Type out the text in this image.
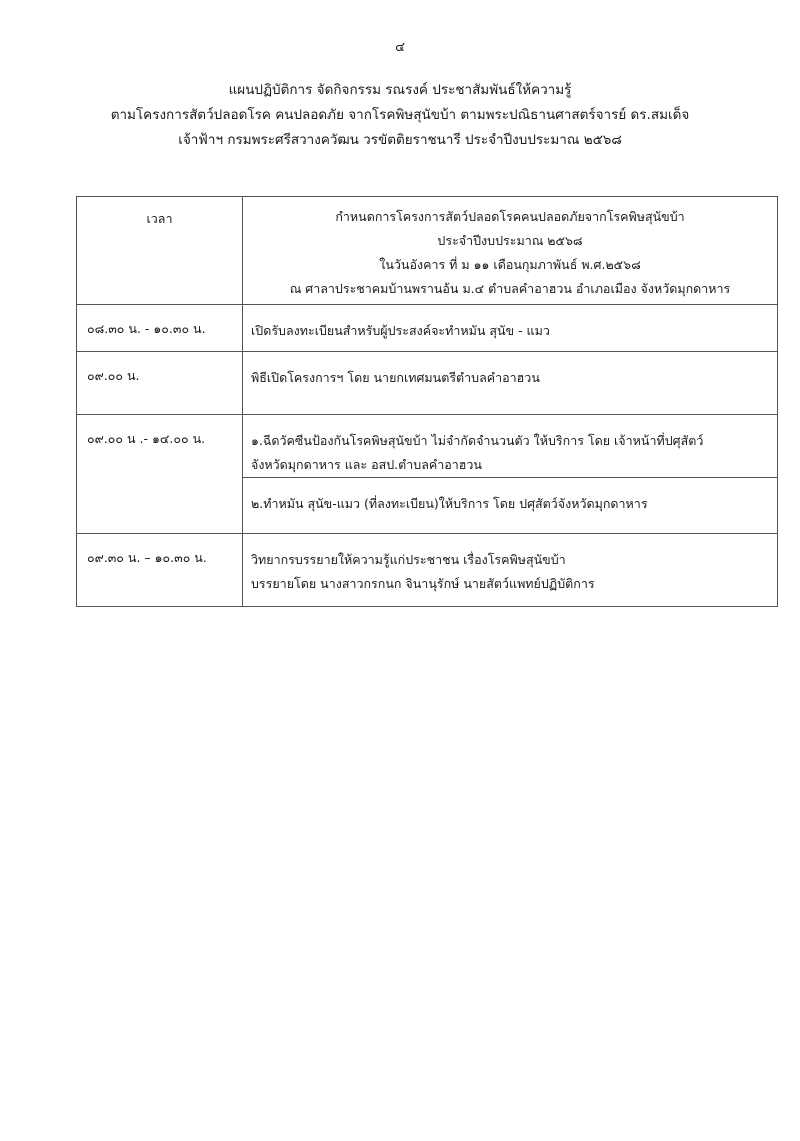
๔
แผนปฏิบัติการ จัดกิจกรรม รณรงค์ ประชาสัมพันธ์ให้ความรู้
ตามโครงการสัตว์ปลอดโรค คนปลอดภัย จากโรคพิษสุนัขบ้า ตามพระปณิธานศาสตร์จารย์ ดร.สมเด็จ
เจ้าฟ้าฯ กรมพระศรีสวางควัฒน วรขัตติยราชนารี ประจำปีงบประมาณ ๒๕๖๘
เวลา	กำหนดการโครงการสัตว์ปลอดโรคคนปลอดภัยจากโรคพิษสุนัขบ้า
ประจำปีงบประมาณ ๒๕๖๘
ในวันอังคาร ที่ ม ๑๑ เดือนกุมภาพันธ์ พ.ศ.๒๕๖๘
ณ ศาลาประชาคมบ้านพรานอ้น ม.๔ ตำบลคำอาฮวน อำเภอเมือง จังหวัดมุกดาหาร

๐๘.๓๐ น. - ๑๐.๓๐ น.	เปิดรับลงทะเบียนสำหรับผู้ประสงค์จะทำหมัน สุนัข - แมว

๐๙.๐๐ น.	พิธีเปิดโครงการฯ โดย นายกเทศมนตรีตำบลคำอาฮวน

๐๙.๐๐ น .- ๑๔.๐๐ น.	๑.ฉีดวัคซีนป้องกันโรคพิษสุนัขบ้า ไม่จำกัดจำนวนตัว ให้บริการ โดย เจ้าหน้าที่ปศุสัตว์
จังหวัดมุกดาหาร และ อสป.ตำบลคำอาฮวน

	๒.ทำหมัน สุนัข-แมว (ที่ลงทะเบียน)ให้บริการ โดย ปศุสัตว์จังหวัดมุกดาหาร

๐๙.๓๐ น. – ๑๐.๓๐ น.	วิทยากรบรรยายให้ความรู้แก่ประชาชน เรื่องโรคพิษสุนัขบ้า
บรรยายโดย นางสาวกรกนก จินานุรักษ์ นายสัตว์แพทย์ปฏิบัติการ
